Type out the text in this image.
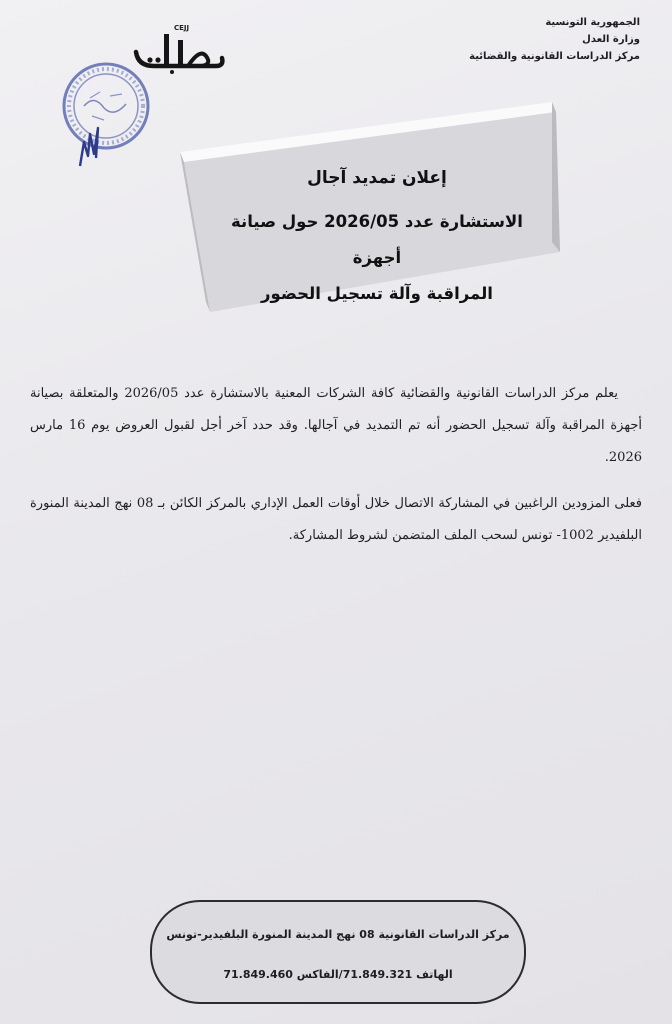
الجمهورية التونسية
وزارة العدل
مركز الدراسات القانونية والقضائية
CEJJ
إعلان تمديد آجال
الاستشارة عدد 2026/05 حول صيانة أجهزة
المراقبة وآلة تسجيل الحضور

يعلم مركز الدراسات القانونية والقضائية كافة الشركات المعنية بالاستشارة عدد 2026/05 والمتعلقة بصيانة أجهزة المراقبة وآلة تسجيل الحضور أنه تم التمديد في آجالها. وقد حدد آخر أجل لقبول العروض يوم 16 مارس 2026.

فعلى المزودين الراغبين في المشاركة الاتصال خلال أوقات العمل الإداري بالمركز الكائن بـ 08 نهج المدينة المنورة البلفيدير 1002- تونس لسحب الملف المتضمن لشروط المشاركة.

مركز الدراسات القانونية 08 نهج المدينة المنورة البلفيدير-تونس
الهاتف 71.849.321/الفاكس 71.849.460
